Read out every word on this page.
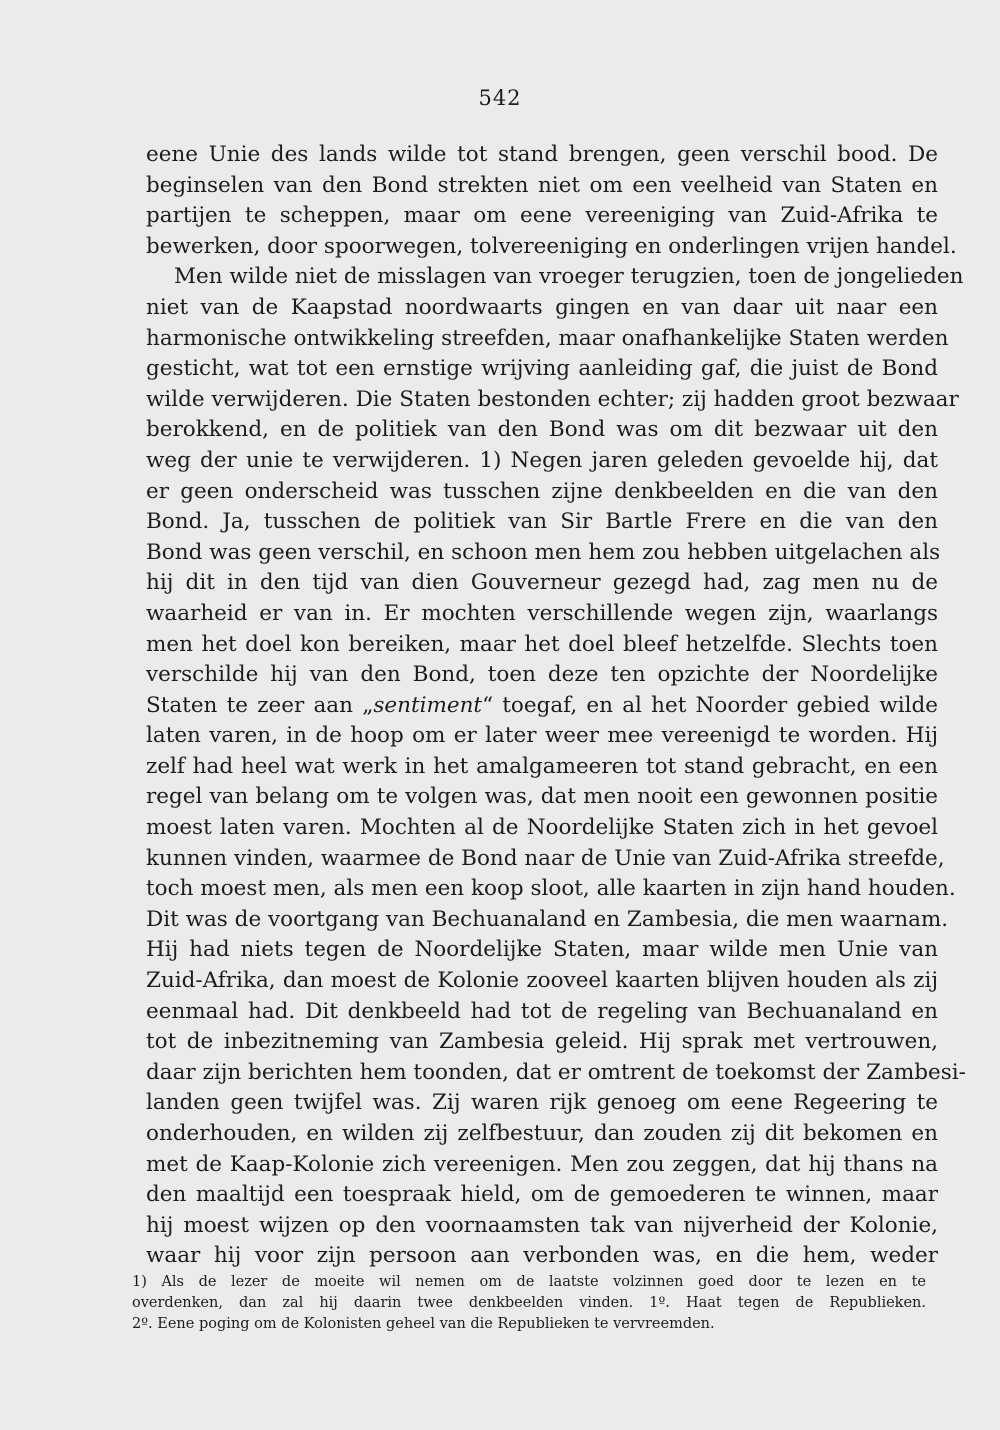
542
eene Unie des lands wilde tot stand brengen, geen verschil bood. De
beginselen van den Bond strekten niet om een veelheid van Staten en
partijen te scheppen, maar om eene vereeniging van Zuid-Afrika te
bewerken, door spoorwegen, tolvereeniging en onderlingen vrijen handel.
Men wilde niet de misslagen van vroeger terugzien, toen de jongelieden
niet van de Kaapstad noordwaarts gingen en van daar uit naar een
harmonische ontwikkeling streefden, maar onafhankelijke Staten werden
gesticht, wat tot een ernstige wrijving aanleiding gaf, die juist de Bond
wilde verwijderen. Die Staten bestonden echter; zij hadden groot bezwaar
berokkend, en de politiek van den Bond was om dit bezwaar uit den
weg der unie te verwijderen. 1) Negen jaren geleden gevoelde hij, dat
er geen onderscheid was tusschen zijne denkbeelden en die van den
Bond. Ja, tusschen de politiek van Sir Bartle Frere en die van den
Bond was geen verschil, en schoon men hem zou hebben uitgelachen als
hij dit in den tijd van dien Gouverneur gezegd had, zag men nu de
waarheid er van in. Er mochten verschillende wegen zijn, waarlangs
men het doel kon bereiken, maar het doel bleef hetzelfde. Slechts toen
verschilde hij van den Bond, toen deze ten opzichte der Noordelijke
Staten te zeer aan „sentiment“ toegaf, en al het Noorder gebied wilde
laten varen, in de hoop om er later weer mee vereenigd te worden. Hij
zelf had heel wat werk in het amalgameeren tot stand gebracht, en een
regel van belang om te volgen was, dat men nooit een gewonnen positie
moest laten varen. Mochten al de Noordelijke Staten zich in het gevoel
kunnen vinden, waarmee de Bond naar de Unie van Zuid-Afrika streefde,
toch moest men, als men een koop sloot, alle kaarten in zijn hand houden.
Dit was de voortgang van Bechuanaland en Zambesia, die men waarnam.
Hij had niets tegen de Noordelijke Staten, maar wilde men Unie van
Zuid-Afrika, dan moest de Kolonie zooveel kaarten blijven houden als zij
eenmaal had. Dit denkbeeld had tot de regeling van Bechuanaland en
tot de inbezitneming van Zambesia geleid. Hij sprak met vertrouwen,
daar zijn berichten hem toonden, dat er omtrent de toekomst der Zambesi-
landen geen twijfel was. Zij waren rijk genoeg om eene Regeering te
onderhouden, en wilden zij zelfbestuur, dan zouden zij dit bekomen en
met de Kaap-Kolonie zich vereenigen. Men zou zeggen, dat hij thans na
den maaltijd een toespraak hield, om de gemoederen te winnen, maar
hij moest wijzen op den voornaamsten tak van nijverheid der Kolonie,
waar hij voor zijn persoon aan verbonden was, en die hem, weder
1) Als de lezer de moeite wil nemen om de laatste volzinnen goed door te lezen en te
overdenken, dan zal hij daarin twee denkbeelden vinden. 1º. Haat tegen de Republieken.
2º. Eene poging om de Kolonisten geheel van die Republieken te vervreemden.
